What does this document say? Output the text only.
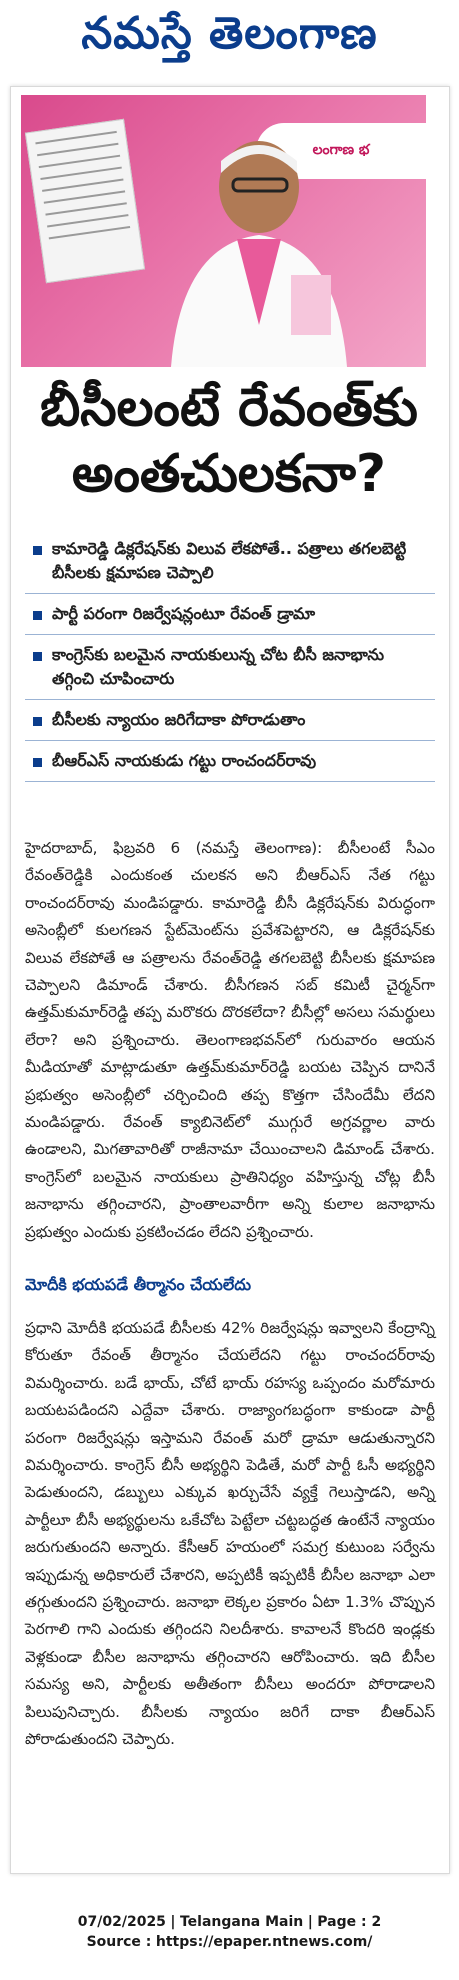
నమస్తే తెలంగాణ
లంగాణ భ
బీసీలంటే రేవంత్‌కు
అంతచులకనా?
కామారెడ్డి డిక్లరేషన్‌కు విలువ లేకపోతే.. పత్రాలు తగలబెట్టి బీసీలకు క్షమాపణ చెప్పాలి
పార్టీ పరంగా రిజర్వేషన్లంటూ రేవంత్‌ డ్రామా
కాంగ్రెస్‌కు బలమైన నాయకులున్న చోట బీసీ జనాభాను తగ్గించి చూపించారు
బీసీలకు న్యాయం జరిగేదాకా పోరాడుతాం
బీఆర్‌ఎస్‌ నాయకుడు గట్టు రాంచందర్‌రావు
హైదరాబాద్‌, ఫిబ్రవరి 6 (నమస్తే తెలంగాణ): బీసీలంటే సీఎం రేవంత్‌రెడ్డికి ఎందుకంత చులకన అని బీఆర్‌ఎస్‌ నేత గట్టు రాంచందర్‌రావు మండిపడ్డారు. కామారెడ్డి బీసీ డిక్లరేషన్‌కు విరుద్ధంగా అసెంబ్లీలో కులగణన స్టేట్‌మెంట్‌ను ప్రవేశపెట్టారని, ఆ డిక్లరేషన్‌కు విలువ లేకపోతే ఆ పత్రాలను రేవంత్‌రెడ్డి తగలబెట్టి బీసీలకు క్షమాపణ చెప్పాలని డిమాండ్‌ చేశారు. బీసీగణన సబ్‌ కమిటీ చైర్మన్‌గా ఉత్తమ్‌కుమార్‌రెడ్డి తప్ప మరొకరు దొరకలేదా? బీసీల్లో అసలు సమర్థులు లేరా? అని ప్రశ్నించారు. తెలంగాణభవన్‌లో గురువారం ఆయన మీడియాతో మాట్లాడుతూ ఉత్తమ్‌కుమార్‌రెడ్డి బయట చెప్పిన దానినే ప్రభుత్వం అసెంబ్లీలో చర్చించింది తప్ప కొత్తగా చేసిందేమీ లేదని మండిపడ్డారు. రేవంత్‌ క్యాబినెట్‌లో ముగ్గురే అగ్రవర్ణాల వారు ఉండాలని, మిగతావారితో రాజీనామా చేయించాలని డిమాండ్‌ చేశారు. కాంగ్రెస్‌లో బలమైన నాయకులు ప్రాతినిధ్యం వహిస్తున్న చోట్ల బీసీ జనాభాను తగ్గించారని, ప్రాంతాలవారీగా అన్ని కులాల జనాభాను ప్రభుత్వం ఎందుకు ప్రకటించడం లేదని ప్రశ్నించారు.
మోదీకి భయపడే తీర్మానం చేయలేదు
ప్రధాని మోదీకి భయపడే బీసీలకు 42% రిజర్వేషన్లు ఇవ్వాలని కేంద్రాన్ని కోరుతూ రేవంత్‌ తీర్మానం చేయలేదని గట్టు రాంచందర్‌రావు విమర్శించారు. బడే భాయ్‌, చోటే భాయ్‌ రహస్య ఒప్పందం మరోమారు బయటపడిందని ఎద్దేవా చేశారు. రాజ్యాంగబద్ధంగా కాకుండా పార్టీ పరంగా రిజర్వేషన్లు ఇస్తామని రేవంత్‌ మరో డ్రామా ఆడుతున్నారని విమర్శించారు. కాంగ్రెస్‌ బీసీ అభ్యర్థిని పెడితే, మరో పార్టీ ఓసీ అభ్యర్థిని పెడుతుందని, డబ్బులు ఎక్కువ ఖర్చుచేసే వ్యక్తే గెలుస్తాడని, అన్ని పార్టీలూ బీసీ అభ్యర్థులను ఒకేచోట పెట్టేలా చట్టబద్ధత ఉంటేనే న్యాయం జరుగుతుందని అన్నారు. కేసీఆర్‌ హయంలో సమగ్ర కుటుంబ సర్వేను ఇప్పుడున్న అధికారులే చేశారని, అప్పటికీ ఇప్పటికీ బీసీల జనాభా ఎలా తగ్గుతుందని ప్రశ్నించారు. జనాభా లెక్కల ప్రకారం ఏటా 1.3% చొప్పున పెరగాలి గాని ఎందుకు తగ్గిందని నిలదీశారు. కావాలనే కొందరి ఇండ్లకు వెళ్లకుండా బీసీల జనాభాను తగ్గించారని ఆరోపించారు. ఇది బీసీల సమస్య అని, పార్టీలకు అతీతంగా బీసీలు అందరూ పోరాడాలని పిలుపునిచ్చారు. బీసీలకు న్యాయం జరిగే దాకా బీఆర్‌ఎస్‌ పోరాడుతుందని చెప్పారు.
07/02/2025 | Telangana Main | Page : 2
Source : https://epaper.ntnews.com/
